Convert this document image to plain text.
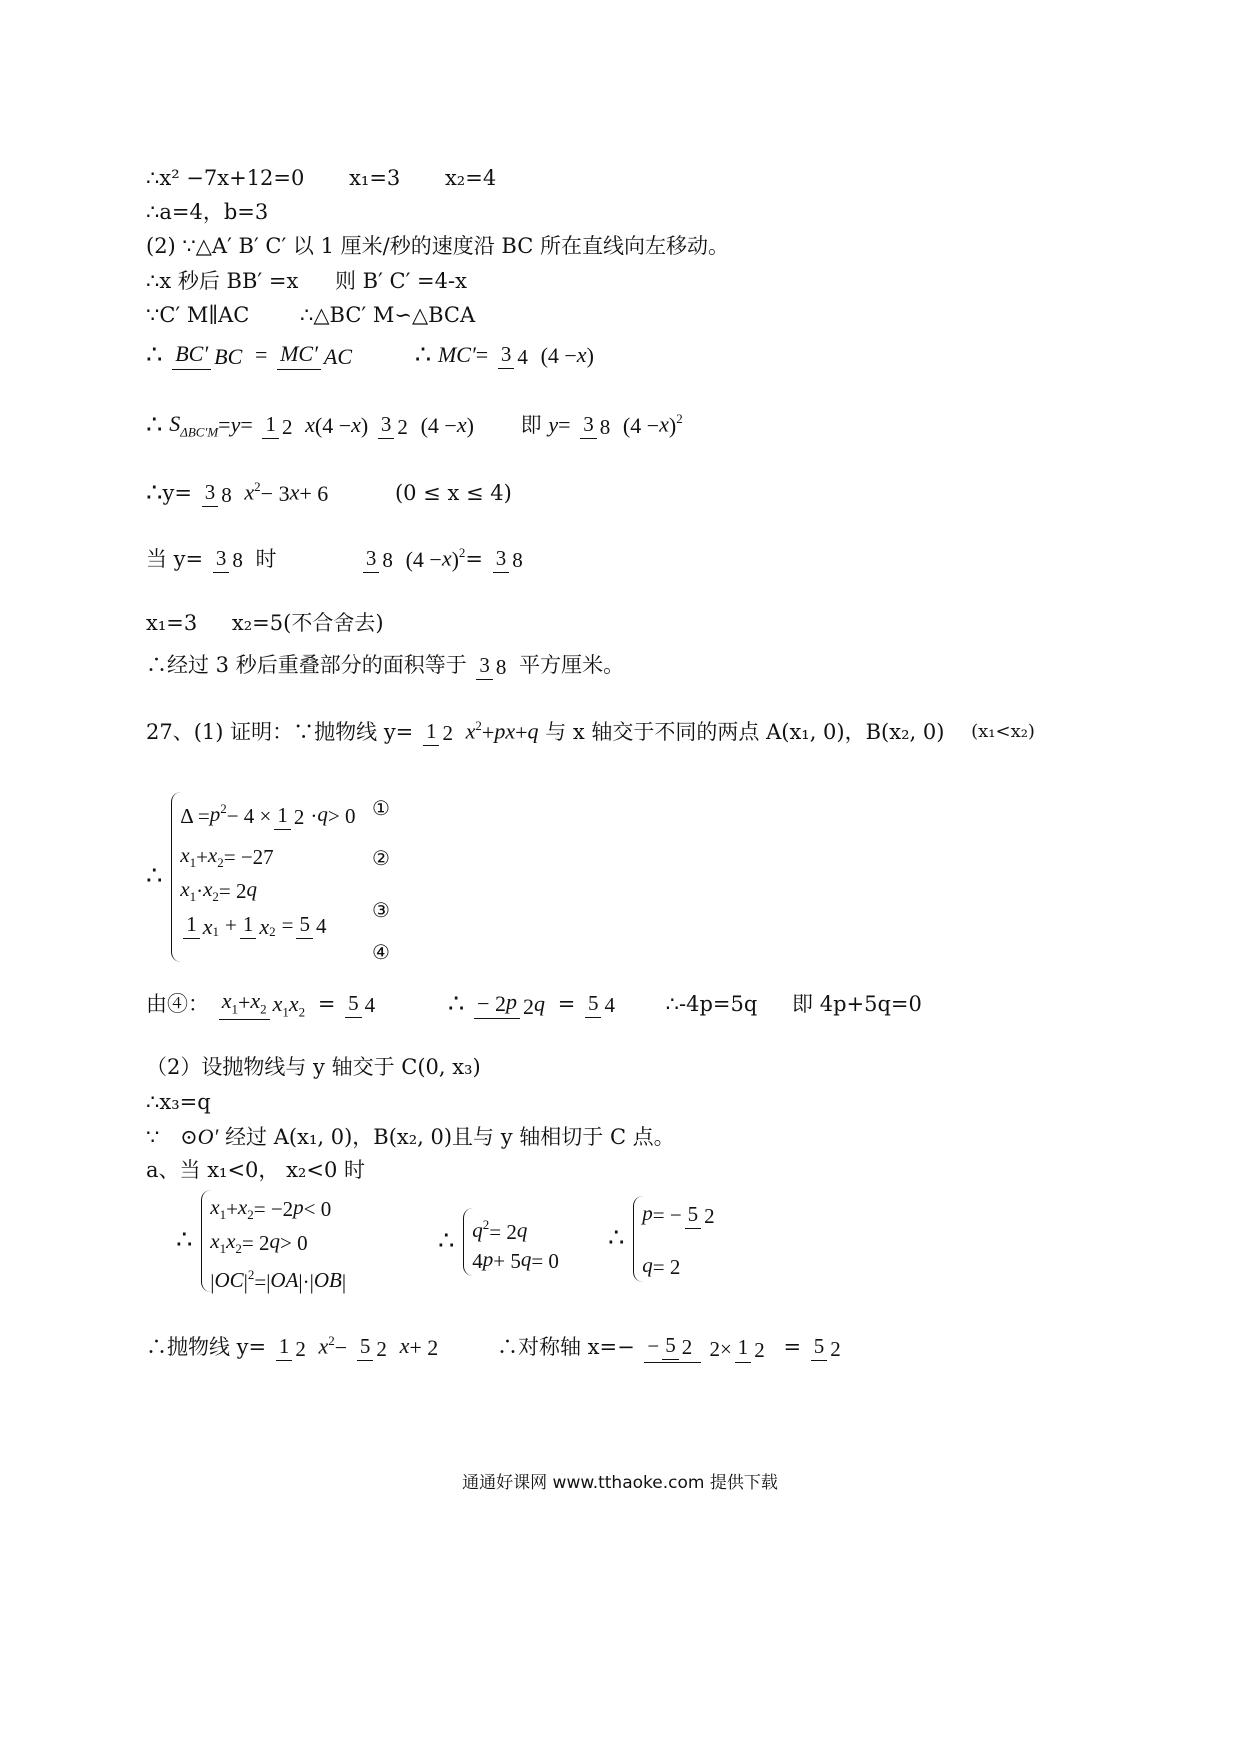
∴x² −7x+12=0 x₁=3 x₂=4
∴a=4，b=3
(2) ∵△A′ B′ C′ 以 1 厘米/秒的速度沿 BC 所在直线向左移动。
∴x 秒后 BB′ =x 则 B′ C′ =4-x
∵C′ M∥AC ∴△BC′ M∽△BCA
∴ BC′ BC = MC′ AC ∴ MC′= 3 4 (4 −x)
∴ $S_{\Delta BC'M}=y= 1$ 2 x(4 −x) 3 2 (4 −x) 即 y= 3 8 $(4 -x)^2$
∴y= 3 8 $x^2- 3x+ 6$	(0 ≤ x ≤ 4)
当 y= 3 8 时	3 8 $(4 -x)^2= 3$ 8
x₁=3 x₂=5(不合舍去)
∴经过 3 秒后重叠部分的面积等于 3 8 平方厘米。
27、(1) 证明：∵抛物线 y= 1 2 $x^2+px+q$ 与 x 轴交于不同的两点 A(x₁, 0)，B(x₂, 0) (x₁<x₂)
∴
$\Delta =p^2- 4 \times 1$ 2 ·q> 0
$x_1+x_2= -27$
$x_1\cdot x_2= 2q$
1 $x_1 + 1$ $x_2 = 5$ 4
①
②
③
④
由④： $x_1+x_2$ $x_1x_2 = 5$ 4	∴ − 2p 2q = 5 4 ∴-4p=5q 即 4p+5q=0
（2）设抛物线与 y 轴交于 C(0, x₃)
∴x₃=q
∵ ⊙O′ 经过 A(x₁, 0)，B(x₂, 0)且与 y 轴相切于 C 点。
a、当 x₁<0， x₂<0 时
∴
$x_1+x_2= -2p< 0$
$x_1x_2= 2q> 0$
$|OC|^2=|OA|\cdot|OB|$
∴ $q^2= 2q$
4p+ 5q= 0
∴
p= − 5 2
q= 2
∴抛物线 y= 1 2 $x^2- 5$ 2 x+ 2	∴对称轴 x=− − 5 2 2× 1 2 = 5 2
通通好课网 www.tthaoke.com 提供下载
